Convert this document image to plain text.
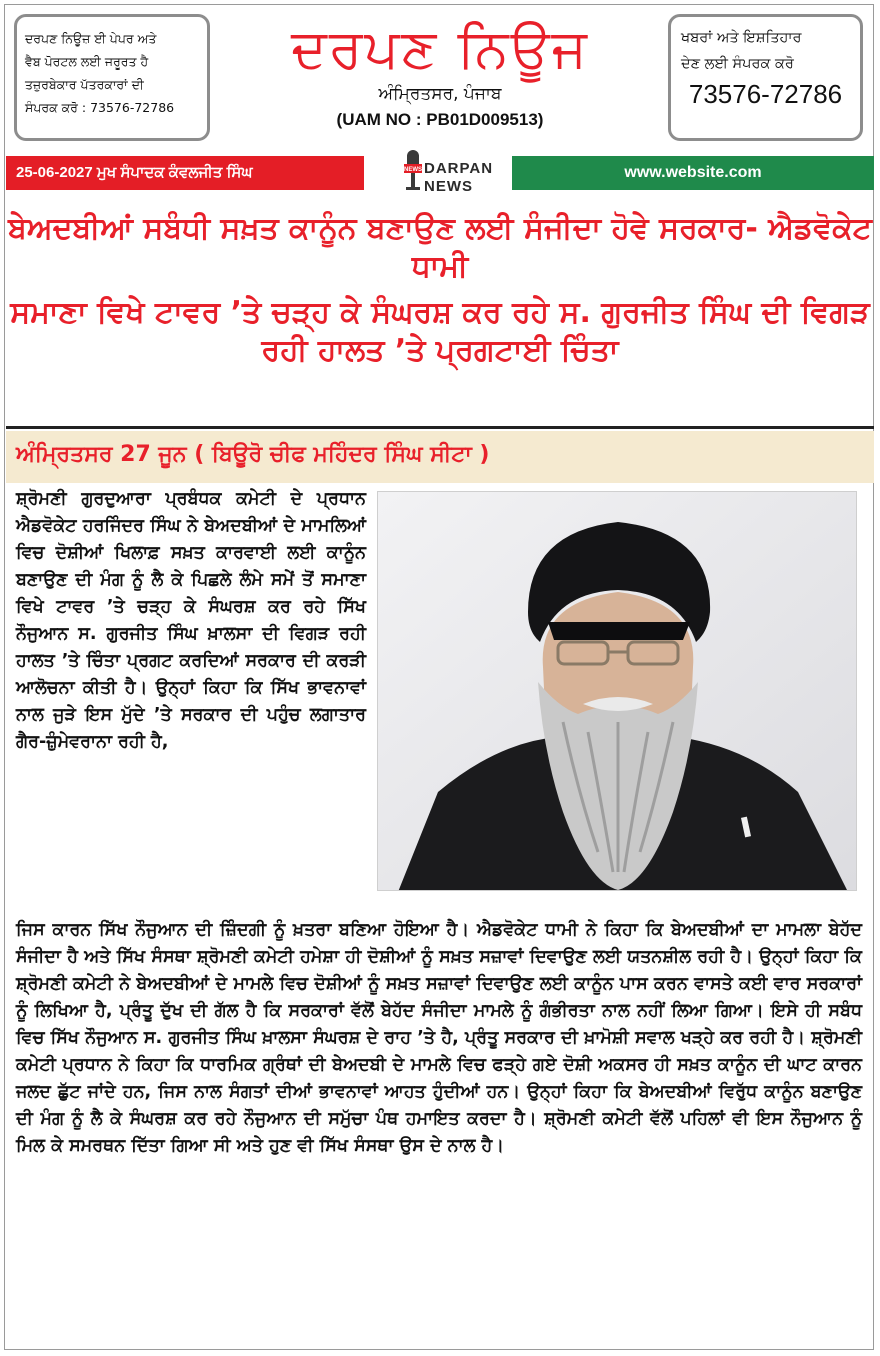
ਦਰਪਣ ਨਿਊਜ਼ ਈ ਪੇਪਰ ਅਤੇ
ਵੈਬ ਪੋਰਟਲ ਲਈ ਜਰੂਰਤ ਹੈ
ਤਜ਼ੁਰਬੇਕਾਰ ਪੱਤਰਕਾਰਾਂ ਦੀ
ਸੰਪਰਕ ਕਰੋ : 73576-72786
ਦਰਪਣ ਨਿਊਜ
ਅੰਮ੍ਰਿਤਸਰ, ਪੰਜਾਬ
(UAM NO : PB01D009513)
ਖਬਰਾਂ ਅਤੇ ਇਸ਼ਤਿਹਾਰ
ਦੇਣ ਲਈ ਸੰਪਰਕ ਕਰੋ
73576-72786
25-06-2027 ਮੁਖ ਸੰਪਾਦਕ ਕੰਵਲਜੀਤ ਸਿੰਘ	NEWS DARPAN
NEWS
www.website.com
ਬੇਅਦਬੀਆਂ ਸਬੰਧੀ ਸਖ਼ਤ ਕਾਨੂੰਨ ਬਣਾਉਣ ਲਈ ਸੰਜੀਦਾ ਹੋਵੇ ਸਰਕਾਰ- ਐਡਵੋਕੇਟ ਧਾਮੀ
ਸਮਾਣਾ ਵਿਖੇ ਟਾਵਰ ’ਤੇ ਚੜ੍ਹ ਕੇ ਸੰਘਰਸ਼ ਕਰ ਰਹੇ ਸ. ਗੁਰਜੀਤ ਸਿੰਘ ਦੀ ਵਿਗੜ ਰਹੀ ਹਾਲਤ ’ਤੇ ਪ੍ਰਗਟਾਈ ਚਿੰਤਾ
ਅੰਮ੍ਰਿਤਸਰ 27 ਜੂਨ ( ਬਿਊਰੋ ਚੀਫ ਮਹਿੰਦਰ ਸਿੰਘ ਸੀਟਾ )
ਸ਼੍ਰੋਮਣੀ ਗੁਰਦੁਆਰਾ ਪ੍ਰਬੰਧਕ ਕਮੇਟੀ ਦੇ ਪ੍ਰਧਾਨ ਐਡਵੋਕੇਟ ਹਰਜਿੰਦਰ ਸਿੰਘ ਨੇ ਬੇਅਦਬੀਆਂ ਦੇ ਮਾਮਲਿਆਂ ਵਿਚ ਦੋਸ਼ੀਆਂ ਖਿਲਾਫ਼ ਸਖ਼ਤ ਕਾਰਵਾਈ ਲਈ ਕਾਨੂੰਨ ਬਣਾਉਣ ਦੀ ਮੰਗ ਨੂੰ ਲੈ ਕੇ ਪਿਛਲੇ ਲੰਮੇ ਸਮੇਂ ਤੋਂ ਸਮਾਣਾ ਵਿਖੇ ਟਾਵਰ ’ਤੇ ਚੜ੍ਹ ਕੇ ਸੰਘਰਸ਼ ਕਰ ਰਹੇ ਸਿੱਖ ਨੌਜੁਆਨ ਸ. ਗੁਰਜੀਤ ਸਿੰਘ ਖ਼ਾਲਸਾ ਦੀ ਵਿਗੜ ਰਹੀ ਹਾਲਤ ’ਤੇ ਚਿੰਤਾ ਪ੍ਰਗਟ ਕਰਦਿਆਂ ਸਰਕਾਰ ਦੀ ਕਰੜੀ ਆਲੋਚਨਾ ਕੀਤੀ ਹੈ। ਉਨ੍ਹਾਂ ਕਿਹਾ ਕਿ ਸਿੱਖ ਭਾਵਨਾਵਾਂ ਨਾਲ ਜੁੜੇ ਇਸ ਮੁੱਦੇ ’ਤੇ ਸਰਕਾਰ ਦੀ ਪਹੁੰਚ ਲਗਾਤਾਰ ਗੈਰ-ਜ਼ੁੰਮੇਵਰਾਨਾ ਰਹੀ ਹੈ,
ਜਿਸ ਕਾਰਨ ਸਿੱਖ ਨੌਜੁਆਨ ਦੀ ਜ਼ਿੰਦਗੀ ਨੂੰ ਖ਼ਤਰਾ ਬਣਿਆ ਹੋਇਆ ਹੈ। ਐਡਵੋਕੇਟ ਧਾਮੀ ਨੇ ਕਿਹਾ ਕਿ ਬੇਅਦਬੀਆਂ ਦਾ ਮਾਮਲਾ ਬੇਹੱਦ ਸੰਜੀਦਾ ਹੈ ਅਤੇ ਸਿੱਖ ਸੰਸਥਾ ਸ਼੍ਰੋਮਣੀ ਕਮੇਟੀ ਹਮੇਸ਼ਾ ਹੀ ਦੋਸ਼ੀਆਂ ਨੂੰ ਸਖ਼ਤ ਸਜ਼ਾਵਾਂ ਦਿਵਾਉਣ ਲਈ ਯਤਨਸ਼ੀਲ ਰਹੀ ਹੈ। ਉਨ੍ਹਾਂ ਕਿਹਾ ਕਿ ਸ਼੍ਰੋਮਣੀ ਕਮੇਟੀ ਨੇ ਬੇਅਦਬੀਆਂ ਦੇ ਮਾਮਲੇ ਵਿਚ ਦੋਸ਼ੀਆਂ ਨੂੰ ਸਖ਼ਤ ਸਜ਼ਾਵਾਂ ਦਿਵਾਉਣ ਲਈ ਕਾਨੂੰਨ ਪਾਸ ਕਰਨ ਵਾਸਤੇ ਕਈ ਵਾਰ ਸਰਕਾਰਾਂ ਨੂੰ ਲਿਖਿਆ ਹੈ, ਪ੍ਰੰਤੂ ਦੁੱਖ ਦੀ ਗੱਲ ਹੈ ਕਿ ਸਰਕਾਰਾਂ ਵੱਲੋਂ ਬੇਹੱਦ ਸੰਜੀਦਾ ਮਾਮਲੇ ਨੂੰ ਗੰਭੀਰਤਾ ਨਾਲ ਨਹੀਂ ਲਿਆ ਗਿਆ। ਇਸੇ ਹੀ ਸਬੰਧ ਵਿਚ ਸਿੱਖ ਨੌਜੁਆਨ ਸ. ਗੁਰਜੀਤ ਸਿੰਘ ਖ਼ਾਲਸਾ ਸੰਘਰਸ਼ ਦੇ ਰਾਹ ’ਤੇ ਹੈ, ਪ੍ਰੰਤੂ ਸਰਕਾਰ ਦੀ ਖ਼ਾਮੋਸ਼ੀ ਸਵਾਲ ਖੜ੍ਹੇ ਕਰ ਰਹੀ ਹੈ। ਸ਼੍ਰੋਮਣੀ ਕਮੇਟੀ ਪ੍ਰਧਾਨ ਨੇ ਕਿਹਾ ਕਿ ਧਾਰਮਿਕ ਗ੍ਰੰਥਾਂ ਦੀ ਬੇਅਦਬੀ ਦੇ ਮਾਮਲੇ ਵਿਚ ਫੜ੍ਹੇ ਗਏ ਦੋਸ਼ੀ ਅਕਸਰ ਹੀ ਸਖ਼ਤ ਕਾਨੂੰਨ ਦੀ ਘਾਟ ਕਾਰਨ ਜਲਦ ਛੁੱਟ ਜਾਂਦੇ ਹਨ, ਜਿਸ ਨਾਲ ਸੰਗਤਾਂ ਦੀਆਂ ਭਾਵਨਾਵਾਂ ਆਹਤ ਹੁੰਦੀਆਂ ਹਨ। ਉਨ੍ਹਾਂ ਕਿਹਾ ਕਿ ਬੇਅਦਬੀਆਂ ਵਿਰੁੱਧ ਕਾਨੂੰਨ ਬਣਾਉਣ ਦੀ ਮੰਗ ਨੂੰ ਲੈ ਕੇ ਸੰਘਰਸ਼ ਕਰ ਰਹੇ ਨੌਜੁਆਨ ਦੀ ਸਮੁੱਚਾ ਪੰਥ ਹਮਾਇਤ ਕਰਦਾ ਹੈ। ਸ਼੍ਰੋਮਣੀ ਕਮੇਟੀ ਵੱਲੋਂ ਪਹਿਲਾਂ ਵੀ ਇਸ ਨੌਜੁਆਨ ਨੂੰ ਮਿਲ ਕੇ ਸਮਰਥਨ ਦਿੱਤਾ ਗਿਆ ਸੀ ਅਤੇ ਹੁਣ ਵੀ ਸਿੱਖ ਸੰਸਥਾ ਉਸ ਦੇ ਨਾਲ ਹੈ।
